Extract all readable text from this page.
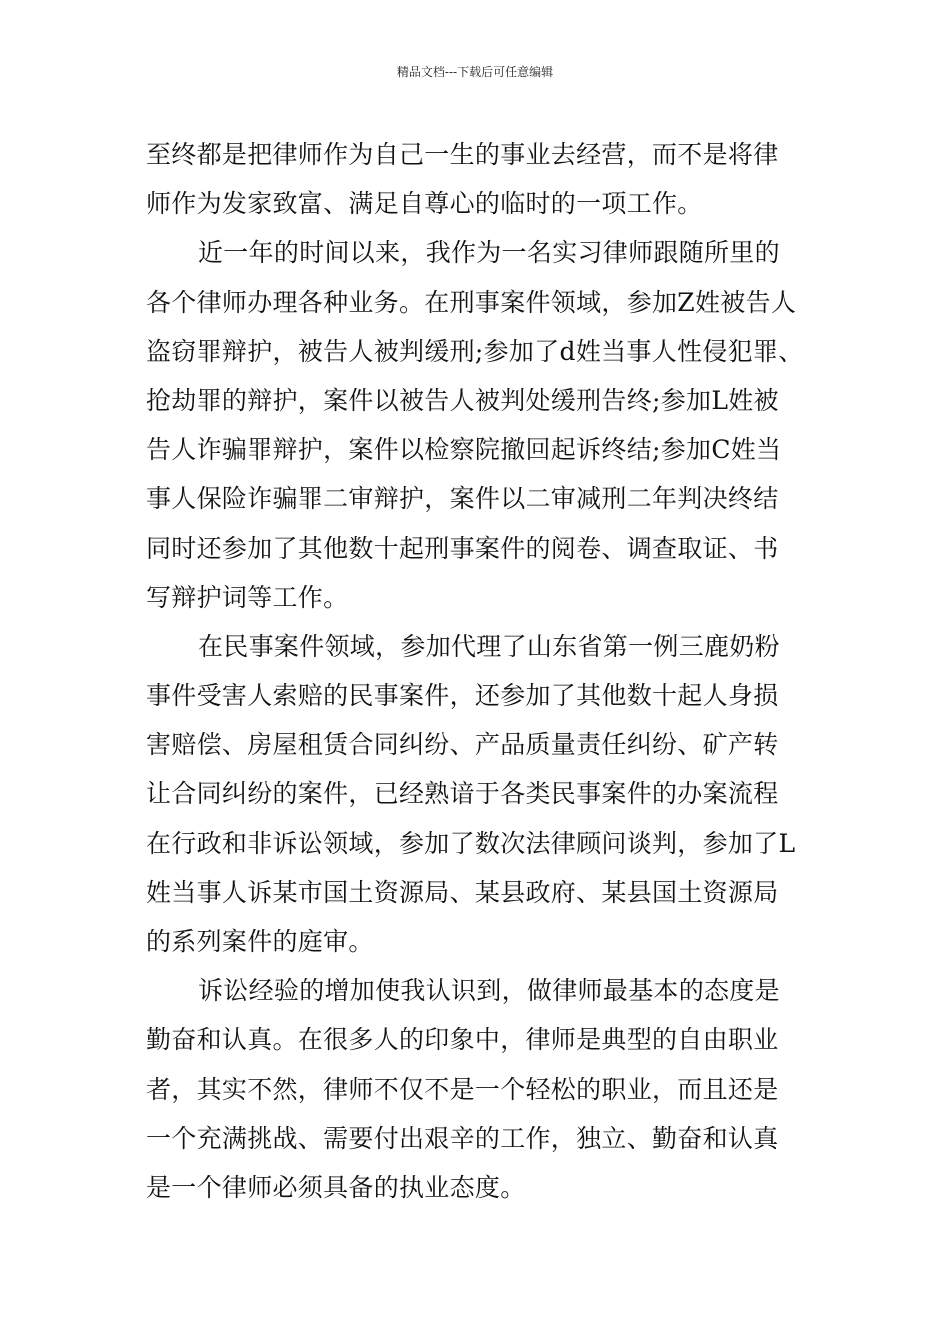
精品文档---下载后可任意编辑
至终都是把律师作为自己一生的事业去经营，而不是将律
师作为发家致富、满足自尊心的临时的一项工作。
近一年的时间以来，我作为一名实习律师跟随所里的
各个律师办理各种业务。在刑事案件领域，参加Z姓被告人
盗窃罪辩护，被告人被判缓刑;参加了d姓当事人性侵犯罪、
抢劫罪的辩护，案件以被告人被判处缓刑告终;参加L姓被
告人诈骗罪辩护，案件以检察院撤回起诉终结;参加C姓当
事人保险诈骗罪二审辩护，案件以二审减刑二年判决终结
同时还参加了其他数十起刑事案件的阅卷、调查取证、书
写辩护词等工作。
在民事案件领域，参加代理了山东省第一例三鹿奶粉
事件受害人索赔的民事案件，还参加了其他数十起人身损
害赔偿、房屋租赁合同纠纷、产品质量责任纠纷、矿产转
让合同纠纷的案件，已经熟谙于各类民事案件的办案流程
在行政和非诉讼领域，参加了数次法律顾问谈判，参加了L
姓当事人诉某市国土资源局、某县政府、某县国土资源局
的系列案件的庭审。
诉讼经验的增加使我认识到，做律师最基本的态度是
勤奋和认真。在很多人的印象中，律师是典型的自由职业
者，其实不然，律师不仅不是一个轻松的职业，而且还是
一个充满挑战、需要付出艰辛的工作，独立、勤奋和认真
是一个律师必须具备的执业态度。
